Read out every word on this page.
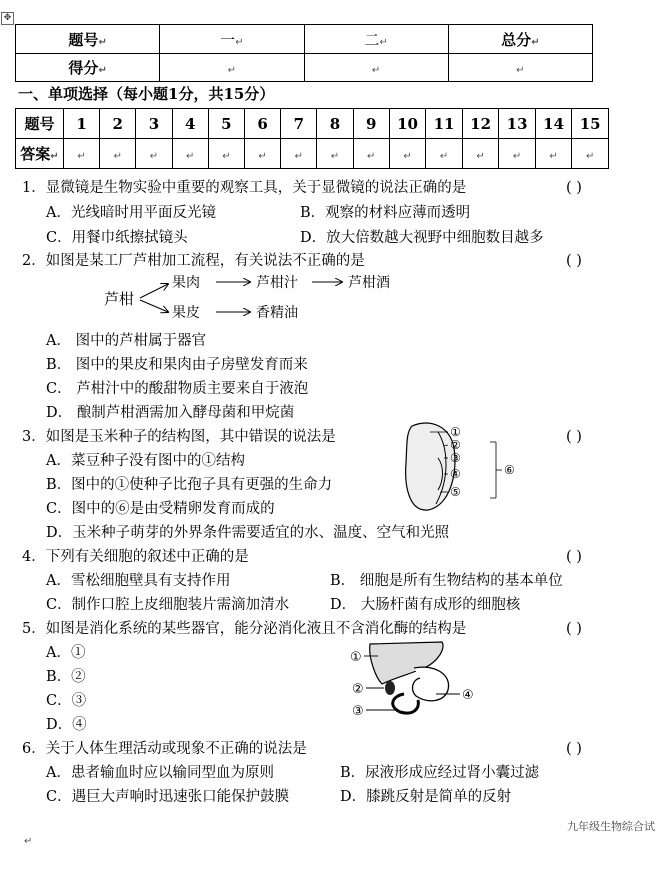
✥
题号↵	一↵	二↵	总分↵
得分↵	↵	↵	↵
一、单项选择（每小题1分，共15分）
题号	1	2	3	4	5	6	7	8	9	10	11	12	13	14	15
答案↵	↵	↵	↵	↵	↵	↵	↵	↵	↵	↵	↵	↵	↵	↵	↵
1．显微镜是生物实验中重要的观察工具，关于显微镜的说法正确的是	( )
A．光线暗时用平面反光镜	B．观察的材料应薄而透明
C．用餐巾纸擦拭镜头	D．放大倍数越大视野中细胞数目越多
2．如图是某工厂芦柑加工流程，有关说法不正确的是	( )
A． 图中的芦柑属于器官
B． 图中的果皮和果肉由子房壁发育而来
C． 芦柑汁中的酸甜物质主要来自于液泡
D． 酿制芦柑酒需加入酵母菌和甲烷菌
3．如图是玉米种子的结构图，其中错误的说法是	( )
A．菜豆种子没有图中的①结构
B．图中的①使种子比孢子具有更强的生命力
C．图中的⑥是由受精卵发育而成的
D．玉米种子萌芽的外界条件需要适宜的水、温度、空气和光照
4．下列有关细胞的叙述中正确的是	( )
A．雪松细胞壁具有支持作用	B． 细胞是所有生物结构的基本单位
C．制作口腔上皮细胞装片需滴加清水	D． 大肠杆菌有成形的细胞核
5．如图是消化系统的某些器官，能分泌消化液且不含消化酶的结构是	( )
A．①
B．②
C．③
D．④
6．关于人体生理活动或现象不正确的说法是	( )
A．患者输血时应以输同型血为原则	B．尿液形成应经过肾小囊过滤
C．遇巨大声响时迅速张口能保护鼓膜	D．膝跳反射是简单的反射
芦柑
果肉	芦柑汁	芦柑酒
果皮	香精油
①
②
③
④
⑤
⑥
①
②
③
④
九年级生物综合试
↵
